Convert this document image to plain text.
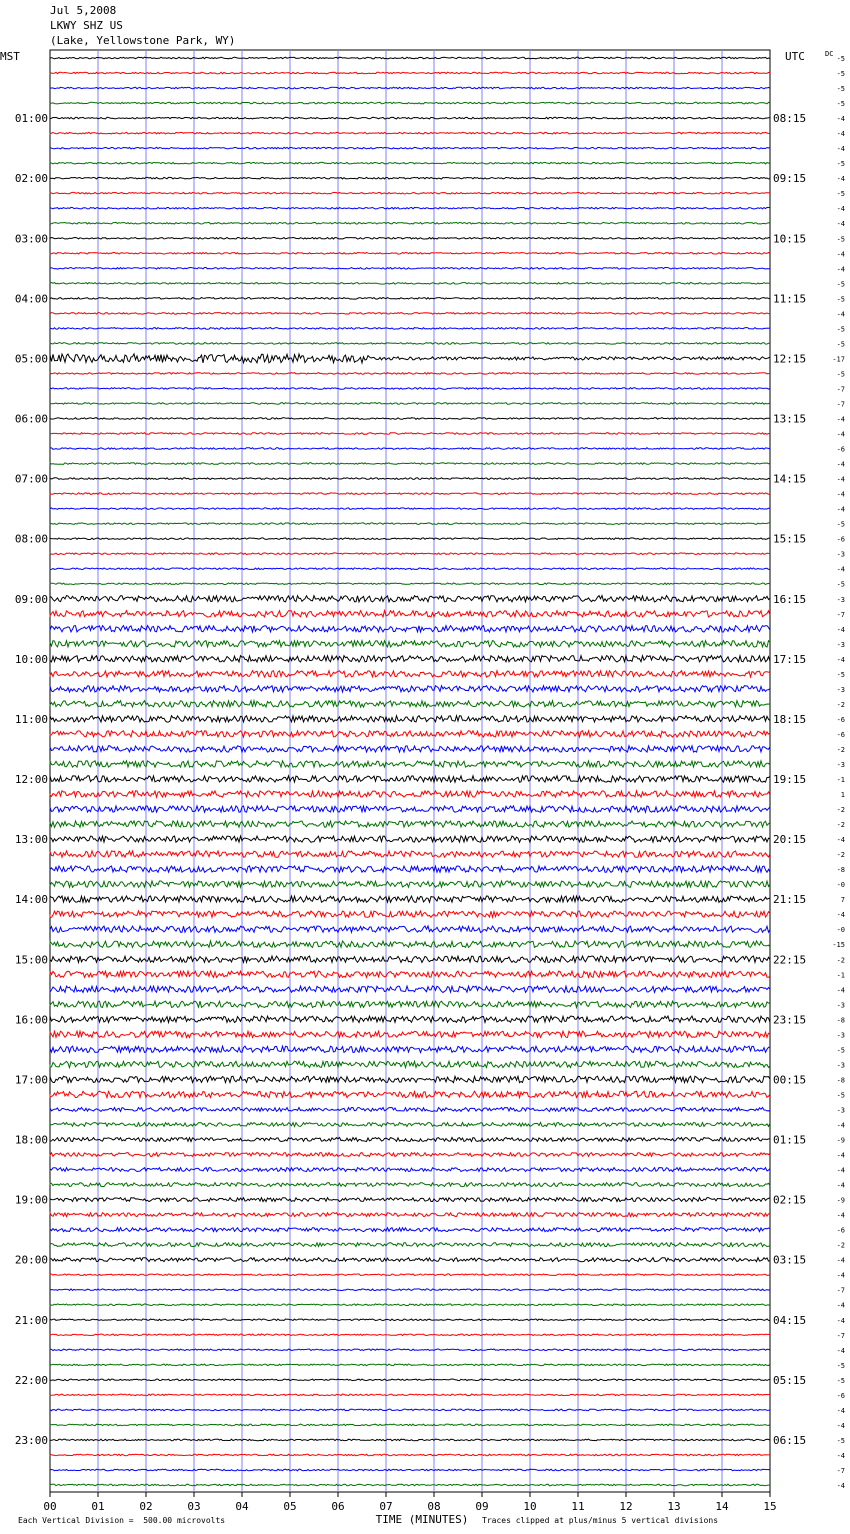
00	01	02	03	04	05	06	07	08	09	10	11	12	13	14	15
-5
-5
-5
-5
-4
-4
-4
-5
-4
-5
-4
-4
-5
-4
-4
-5
-5
-4
-5
-5
-17
-5
-7
-7
-4
-4
-6
-4
-4
-4
-4
-5
-6
-3
-4
-5
-3
-7
-4
-3
-4
-5
-3
-2
-6
-6
-2
-3
-1
1
-2
-2
-4
-2
-8
-0
7
-4
-0
-15
-2
-1
-4
-3
-8
-3
-5
-3
-8
-5
-3
-4
-9
-4
-4
-4
-9
-4
-6
-2
-4
-4
-7
-4
-4
-7
-4
-5
-5
-6
-4
-4
-5
-4
-7
-4
01:00	08:15
02:00	09:15
03:00	10:15
04:00	11:15
05:00	12:15
06:00	13:15
07:00	14:15
08:00	15:15
09:00	16:15
10:00	17:15
11:00	18:15
12:00	19:15
13:00	20:15
14:00	21:15
15:00	22:15
16:00	23:15
17:00	00:15
18:00	01:15
19:00	02:15
20:00	03:15
21:00	04:15
22:00	05:15
23:00	06:15
MST	UTC	DC
TIME (MINUTES)
Jul 5,2008
LKWY SHZ US
(Lake, Yellowstone Park, WY)
Each Vertical Division =  500.00 microvolts	Traces clipped at plus/minus 5 vertical divisions
